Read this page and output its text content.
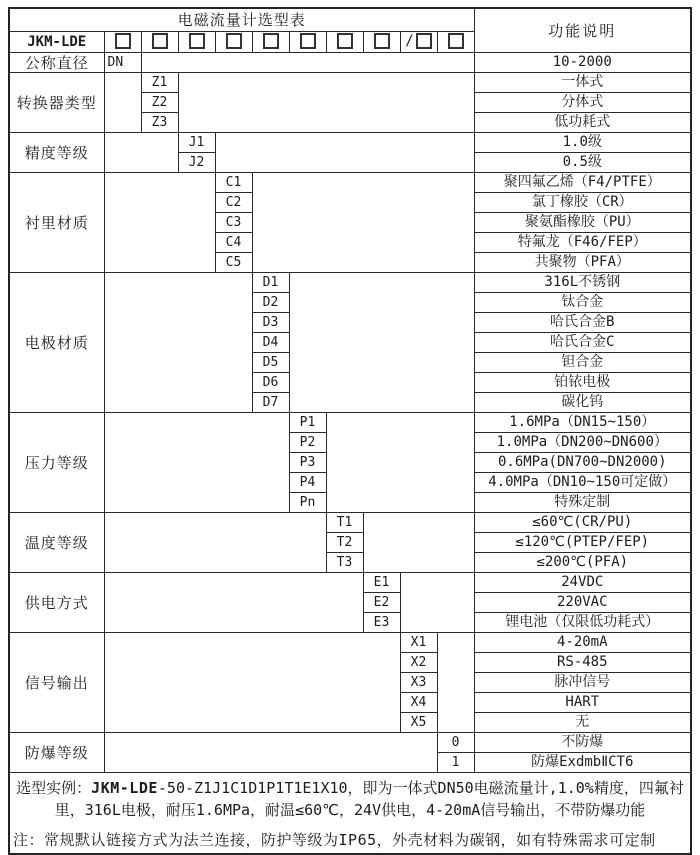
电磁流量计选型表											功能说明
JKM-LDE									/		
公称直径	DN										10-2000
转换器类型		Z1									一体式
		Z2									分体式
		Z3									低功耗式
精度等级			J1								1.0级
			J2								0.5级
衬里材质				C1							聚四氟乙烯（F4/PTFE）
				C2							氯丁橡胶（CR）
				C3							聚氨酯橡胶（PU）
				C4							特氟龙（F46/FEP）
				C5							共聚物（PFA）
电极材质					D1						316L不锈钢
					D2						钛合金
					D3						哈氏合金B
					D4						哈氏合金C
					D5						钽合金
					D6						铂铱电极
					D7						碳化钨
压力等级						P1					1.6MPa（DN15~150）
						P2					1.0MPa（DN200~DN600）
						P3					0.6MPa(DN700~DN2000)
						P4					4.0MPa（DN10~150可定做）
						Pn					特殊定制
温度等级							T1				≤60℃(CR/PU)
							T2				≤120℃(PTEP/FEP)
							T3				≤200℃(PFA)
供电方式								E1			24VDC
								E2			220VAC
								E3			锂电池（仅限低功耗式）
信号输出									X1		4-20mA
									X2		RS-485
									X3		脉冲信号
									X4		HART
									X5		无
防爆等级										0	不防爆
										1	防爆ExdmbⅡCT6

选型实例：JKM-LDE-50-Z1J1C1D1P1T1E1X10，即为一体式DN50电磁流量计,1.0%精度，四氟衬里，316L电极，耐压1.6MPa，耐温≤60℃，24V供电，4-20mA信号输出，不带防爆功能
注：常规默认链接方式为法兰连接，防护等级为IP65，外壳材料为碳钢，如有特殊需求可定制											
